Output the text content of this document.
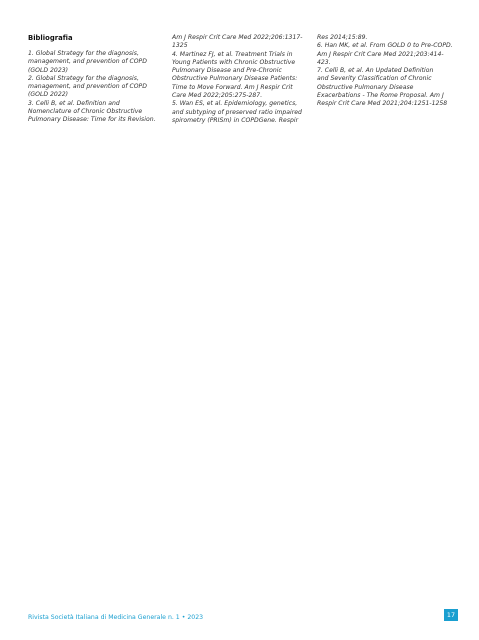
Bibliografia
1. Global Strategy for the diagnosis,
management, and prevention of COPD
(GOLD 2023)
2. Global Strategy for the diagnosis,
management, and prevention of COPD
(GOLD 2022)
3. Celli B, et al. Definition and
Nomenclature of Chronic Obstructive
Pulmonary Disease: Time for its Revision.
Am J Respir Crit Care Med 2022;206:1317-
1325
4. Martinez FJ, et al. Treatment Trials in
Young Patients with Chronic Obstructive
Pulmonary Disease and Pre-Chronic
Obstructive Pulmonary Disease Patients:
Time to Move Forward. Am J Respir Crit
Care Med 2022;205:275-287.
5. Wan ES, et al. Epidemiology, genetics,
and subtyping of preserved ratio impaired
spirometry (PRISm) in COPDGene. Respir
Res 2014;15:89.
6. Han MK, et al. From GOLD 0 to Pre-COPD.
Am J Respir Crit Care Med 2021;203:414-
423.
7. Celli B, et al. An Updated Definition
and Severity Classification of Chronic
Obstructive Pulmonary Disease
Exacerbations - The Rome Proposal. Am J
Respir Crit Care Med 2021;204:1251-1258
Rivista Società Italiana di Medicina Generale n. 1 • 2023	17
